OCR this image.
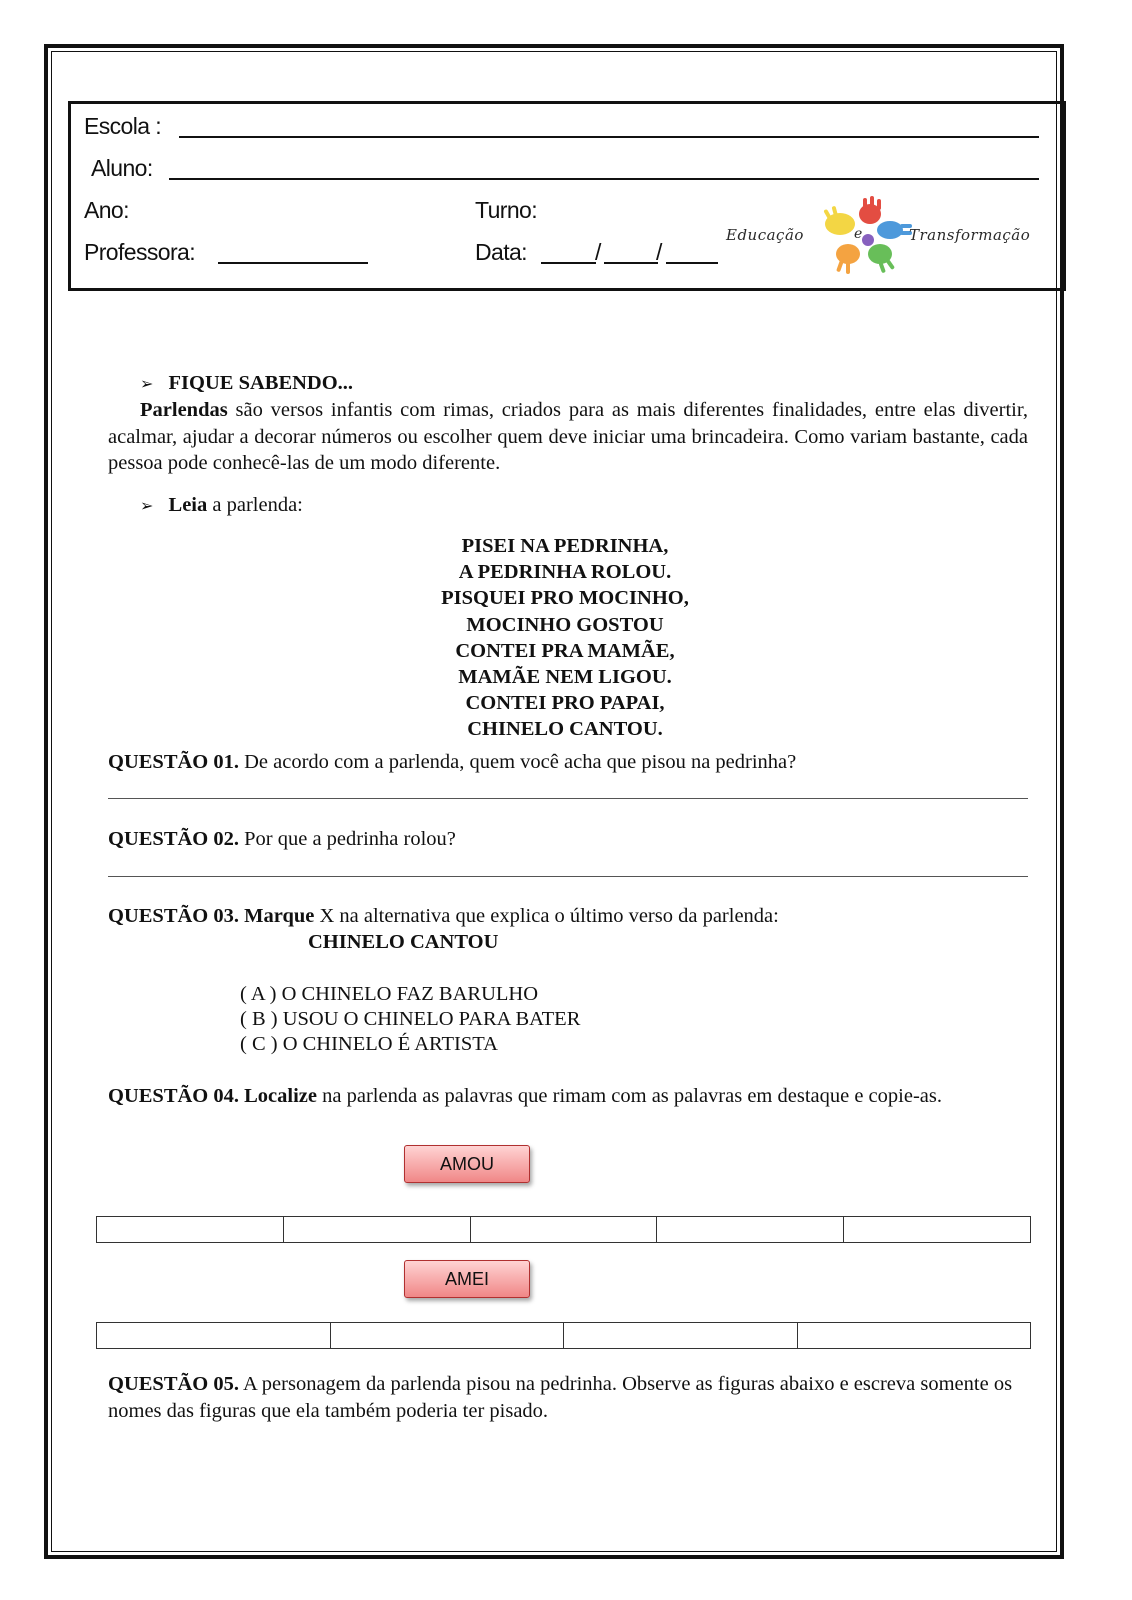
Escola :
Aluno:
Ano:	Turno:
Professora:	Data:	/ /
Educação	e	Transformação
➢ FIQUE SABENDO...
Parlendas são versos infantis com rimas, criados para as mais diferentes finalidades, entre elas divertir, acalmar, ajudar a decorar números ou escolher quem deve iniciar uma brincadeira. Como variam bastante, cada pessoa pode conhecê-las de um modo diferente.
➢ Leia a parlenda:
PISEI NA PEDRINHA,
A PEDRINHA ROLOU.
PISQUEI PRO MOCINHO,
MOCINHO GOSTOU
CONTEI PRA MAMÃE,
MAMÃE NEM LIGOU.
CONTEI PRO PAPAI,
CHINELO CANTOU.
QUESTÃO 01. De acordo com a parlenda, quem você acha que pisou na pedrinha?
QUESTÃO 02. Por que a pedrinha rolou?
QUESTÃO 03. Marque X na alternativa que explica o último verso da parlenda:
CHINELO CANTOU
( A ) O CHINELO FAZ BARULHO
( B ) USOU O CHINELO PARA BATER
( C ) O CHINELO É ARTISTA
QUESTÃO 04. Localize na parlenda as palavras que rimam com as palavras em destaque e copie-as.
AMOU
AMEI
QUESTÃO 05. A personagem da parlenda pisou na pedrinha. Observe as figuras abaixo e escreva somente os nomes das figuras que ela também poderia ter pisado.
